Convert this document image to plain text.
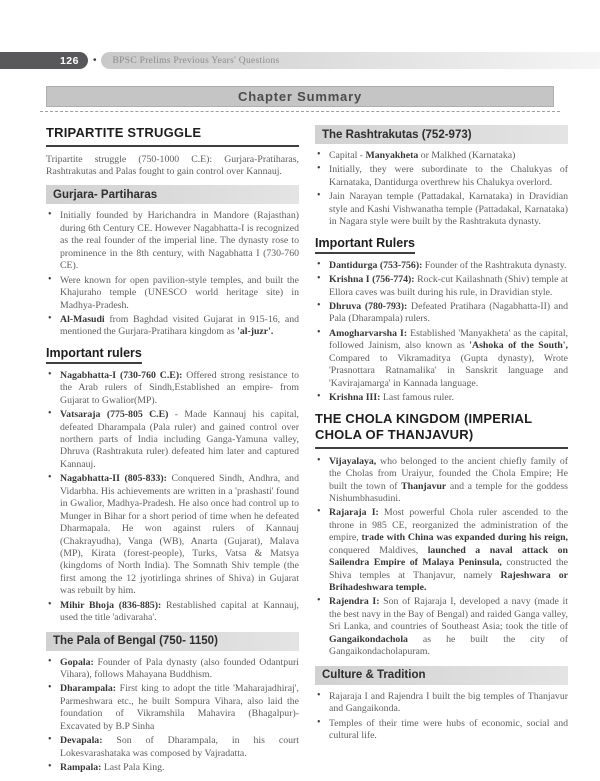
126 • BPSC Prelims Previous Years' Questions
Chapter Summary
TRIPARTITE STRUGGLE
Tripartite struggle (750-1000 C.E): Gurjara-Pratiharas, Rashtrakutas and Palas fought to gain control over Kannauj.
Gurjara- Partiharas
• Initially founded by Harichandra in Mandore (Rajasthan) during 6th Century CE. However Nagabhatta-I is recognized as the real founder of the imperial line. The dynasty rose to prominence in the 8th century, with Nagabhatta I (730-760 CE).
• Were known for open pavilion-style temples, and built the Khajuraho temple (UNESCO world heritage site) in Madhya-Pradesh.
• Al-Masudi from Baghdad visited Gujarat in 915-16, and mentioned the Gurjara-Pratihara kingdom as 'al-juzr'.
Important rulers
• Nagabhatta-I (730-760 C.E): Offered strong resistance to the Arab rulers of Sindh,Established an empire- from Gujarat to Gwalior(MP).
• Vatsaraja (775-805 C.E) - Made Kannauj his capital, defeated Dharampala (Pala ruler) and gained control over northern parts of India including Ganga-Yamuna valley, Dhruva (Rashtrakuta ruler) defeated him later and captured Kannauj.
• Nagabhatta-II (805-833): Conquered Sindh, Andhra, and Vidarbha. His achievements are written in a 'prashasti' found in Gwalior, Madhya-Pradesh. He also once had control up to Munger in Bihar for a short period of time when he defeated Dharmapala. He won against rulers of Kannauj (Chakrayudha), Vanga (WB), Anarta (Gujarat), Malava (MP), Kirata (forest-people), Turks, Vatsa & Matsya (kingdoms of North India). The Somnath Shiv temple (the first among the 12 jyotirlinga shrines of Shiva) in Gujarat was rebuilt by him.
• Mihir Bhoja (836-885): Restablished capital at Kannauj, used the title 'adivaraha'.
The Pala of Bengal (750- 1150)
• Gopala: Founder of Pala dynasty (also founded Odantpuri Vihara), follows Mahayana Buddhism.
• Dharampala: First king to adopt the title 'Maharajadhiraj', Parmeshwara etc., he built Sompura Vihara, also laid the foundation of Vikramshila Mahavira (Bhagalpur)- Excavated by B.P Sinha
• Devapala: Son of Dharampala, in his court Lokesvarashataka was composed by Vajradatta.
• Rampala: Last Pala King.
The Rashtrakutas (752-973)
• Capital - Manyakheta or Malkhed (Karnataka)
• Initially, they were subordinate to the Chalukyas of Karnataka, Dantidurga overthrew his Chalukya overlord.
• Jain Narayan temple (Pattadakal, Karnataka) in Dravidian style and Kashi Vishwanatha temple (Pattadakal, Karnataka) in Nagara style were built by the Rashtrakuta dynasty.
Important Rulers
• Dantidurga (753-756): Founder of the Rashtrakuta dynasty.
• Krishna I (756-774): Rock-cut Kailashnath (Shiv) temple at Ellora caves was built during his rule, in Dravidian style.
• Dhruva (780-793): Defeated Pratihara (Nagabhatta-II) and Pala (Dharampala) rulers.
• Amogharvarsha I: Established 'Manyakheta' as the capital, followed Jainism, also known as 'Ashoka of the South', Compared to Vikramaditya (Gupta dynasty), Wrote 'Prasnottara Ratnamalika' in Sanskrit language and 'Kavirajamarga' in Kannada language.
• Krishna III: Last famous ruler.
THE CHOLA KINGDOM (IMPERIAL CHOLA OF THANJAVUR)
• Vijayalaya, who belonged to the ancient chiefly family of the Cholas from Uraiyur, founded the Chola Empire; He built the town of Thanjavur and a temple for the goddess Nishumbhasudini.
• Rajaraja I: Most powerful Chola ruler ascended to the throne in 985 CE, reorganized the administration of the empire, trade with China was expanded during his reign, conquered Maldives, launched a naval attack on Sailendra Empire of Malaya Peninsula, constructed the Shiva temples at Thanjavur, namely Rajeshwara or Brihadeshwara temple.
• Rajendra I: Son of Rajaraja I, developed a navy (made it the best navy in the Bay of Bengal) and raided Ganga valley, Sri Lanka, and countries of Southeast Asia; took the title of Gangaikondachola as he built the city of Gangaikondacholapuram.
Culture & Tradition
• Rajaraja I and Rajendra I built the big temples of Thanjavur and Gangaikonda.
• Temples of their time were hubs of economic, social and cultural life.
